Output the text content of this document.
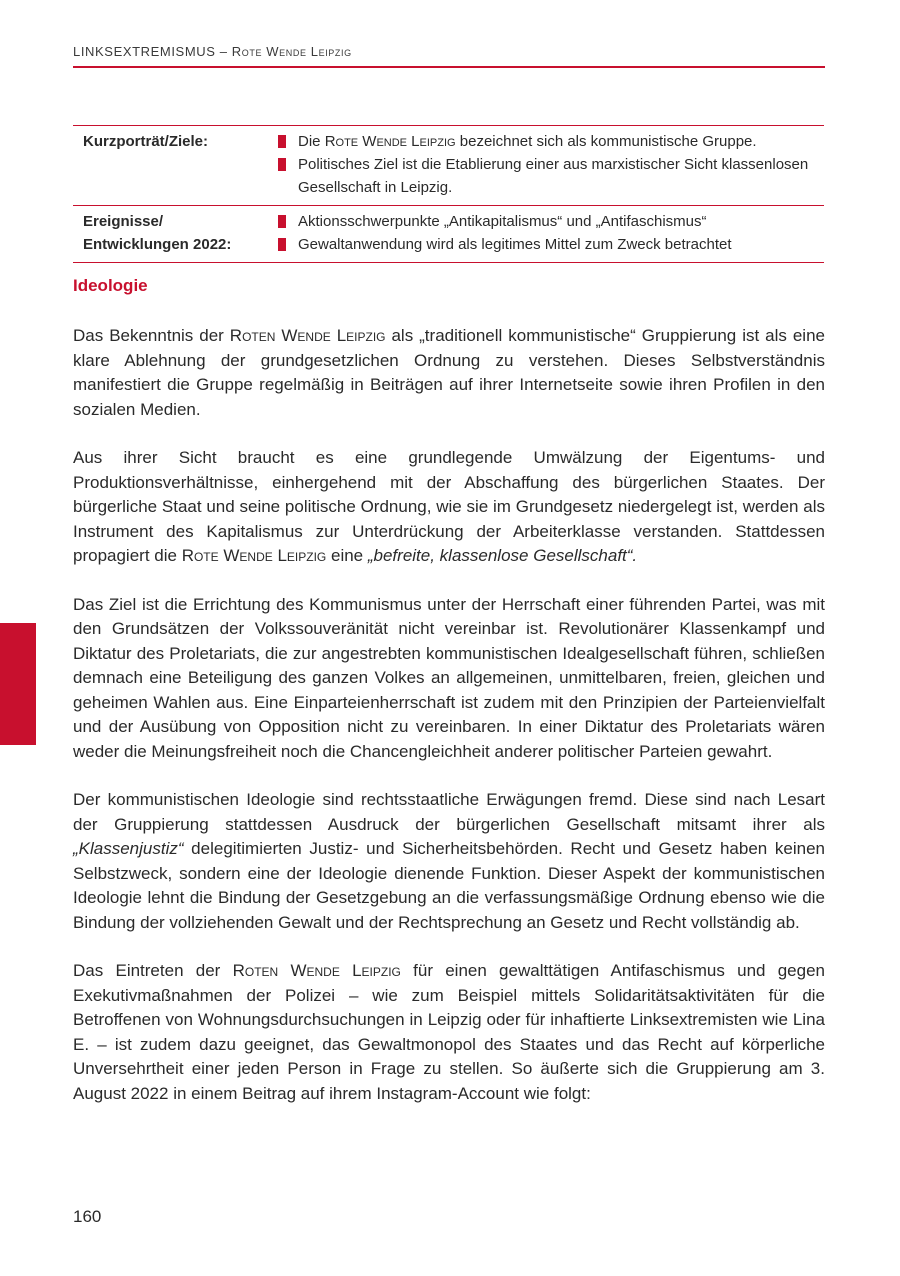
LINKSEXTREMISMUS – Rote Wende Leipzig
Kurzporträt/Ziele:	Die Rote Wende Leipzig bezeichnet sich als kommunistische Gruppe.
Politisches Ziel ist die Etablierung einer aus marxistischer Sicht klassenlosen Gesellschaft in Leipzig.
Ereignisse/
Entwicklungen 2022:
Aktionsschwerpunkte „Antikapitalismus“ und „Antifaschismus“
Gewaltanwendung wird als legitimes Mittel zum Zweck betrachtet
Ideologie

Das Bekenntnis der Roten Wende Leipzig als „traditionell kommunistische“ Gruppierung ist als eine klare Ablehnung der grundgesetzlichen Ordnung zu verstehen. Dieses Selbstverständnis manifestiert die Gruppe regelmäßig in Beiträgen auf ihrer Internetseite sowie ihren Profilen in den sozialen Medien.

Aus ihrer Sicht braucht es eine grundlegende Umwälzung der Eigentums- und Produktionsverhältnisse, einhergehend mit der Abschaffung des bürgerlichen Staates. Der bürgerliche Staat und seine politische Ordnung, wie sie im Grundgesetz niedergelegt ist, werden als Instrument des Kapitalismus zur Unterdrückung der Arbeiterklasse verstanden. Stattdessen propagiert die Rote Wende Leipzig eine „befreite, klassenlose Gesellschaft“.

Das Ziel ist die Errichtung des Kommunismus unter der Herrschaft einer führenden Partei, was mit den Grundsätzen der Volkssouveränität nicht vereinbar ist. Revolutionärer Klassenkampf und Diktatur des Proletariats, die zur angestrebten kommunistischen Idealgesellschaft führen, schließen demnach eine Beteiligung des ganzen Volkes an allgemeinen, unmittelbaren, freien, gleichen und geheimen Wahlen aus. Eine Einparteienherrschaft ist zudem mit den Prinzipien der Parteienvielfalt und der Ausübung von Opposition nicht zu vereinbaren. In einer Diktatur des Proletariats wären weder die Meinungsfreiheit noch die Chancengleichheit anderer politischer Parteien gewahrt.

Der kommunistischen Ideologie sind rechtsstaatliche Erwägungen fremd. Diese sind nach Lesart der Gruppierung stattdessen Ausdruck der bürgerlichen Gesellschaft mitsamt ihrer als „Klassenjustiz“ delegitimierten Justiz- und Sicherheitsbehörden. Recht und Gesetz haben keinen Selbstzweck, sondern eine der Ideologie dienende Funktion. Dieser Aspekt der kommunistischen Ideologie lehnt die Bindung der Gesetzgebung an die verfassungsmäßige Ordnung ebenso wie die Bindung der vollziehenden Gewalt und der Rechtsprechung an Gesetz und Recht vollständig ab.

Das Eintreten der Roten Wende Leipzig für einen gewalttätigen Antifaschismus und gegen Exekutivmaßnahmen der Polizei – wie zum Beispiel mittels Solidaritätsaktivitäten für die Betroffenen von Wohnungsdurchsuchungen in Leipzig oder für inhaftierte Linksextremisten wie Lina E. – ist zudem dazu geeignet, das Gewaltmonopol des Staates und das Recht auf körperliche Unversehrtheit einer jeden Person in Frage zu stellen. So äußerte sich die Gruppierung am 3. August 2022 in einem Beitrag auf ihrem Instagram-Account wie folgt:

160
